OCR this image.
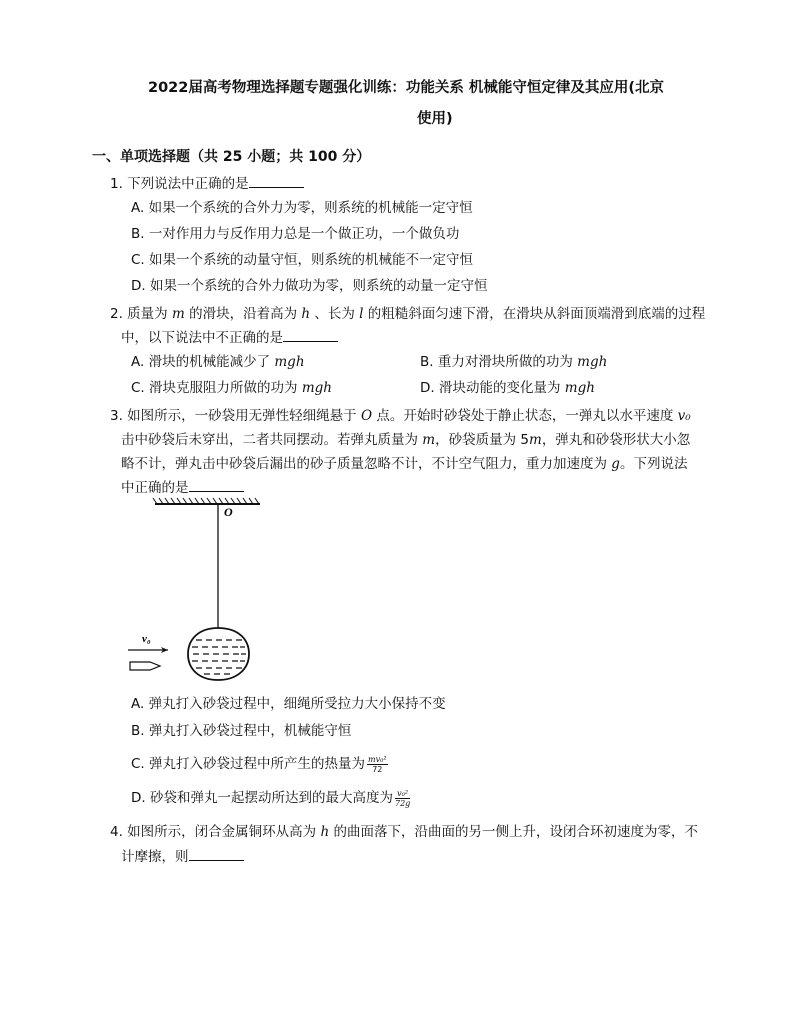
2022届高考物理选择题专题强化训练：功能关系 机械能守恒定律及其应用(北京
使用)
一、单项选择题（共 25 小题；共 100 分）
1. 下列说法中正确的是
A. 如果一个系统的合外力为零，则系统的机械能一定守恒
B. 一对作用力与反作用力总是一个做正功，一个做负功
C. 如果一个系统的动量守恒，则系统的机械能不一定守恒
D. 如果一个系统的合外力做功为零，则系统的动量一定守恒
2. 质量为 m 的滑块，沿着高为 h 、长为 l 的粗糙斜面匀速下滑，在滑块从斜面顶端滑到底端的过程
中，以下说法中不正确的是
A. 滑块的机械能减少了 mgh	B. 重力对滑块所做的功为 mgh
C. 滑块克服阻力所做的功为 mgh	D. 滑块动能的变化量为 mgh
3. 如图所示，一砂袋用无弹性轻细绳悬于 O 点。开始时砂袋处于静止状态，一弹丸以水平速度 v₀
击中砂袋后未穿出，二者共同摆动。若弹丸质量为 m，砂袋质量为 5m，弹丸和砂袋形状大小忽
略不计，弹丸击中砂袋后漏出的砂子质量忽略不计，不计空气阻力，重力加速度为 g。下列说法
中正确的是
O
v₀
A. 弹丸打入砂袋过程中，细绳所受拉力大小保持不变
B. 弹丸打入砂袋过程中，机械能守恒
C. 弹丸打入砂袋过程中所产生的热量为 $\frac{\text{mv₀²}}{72}$
D. 砂袋和弹丸一起摆动所达到的最大高度为 $\frac{\text{v₀²}}{72g}$
4. 如图所示，闭合金属铜环从高为 h 的曲面落下，沿曲面的另一侧上升，设闭合环初速度为零，不
计摩擦，则
